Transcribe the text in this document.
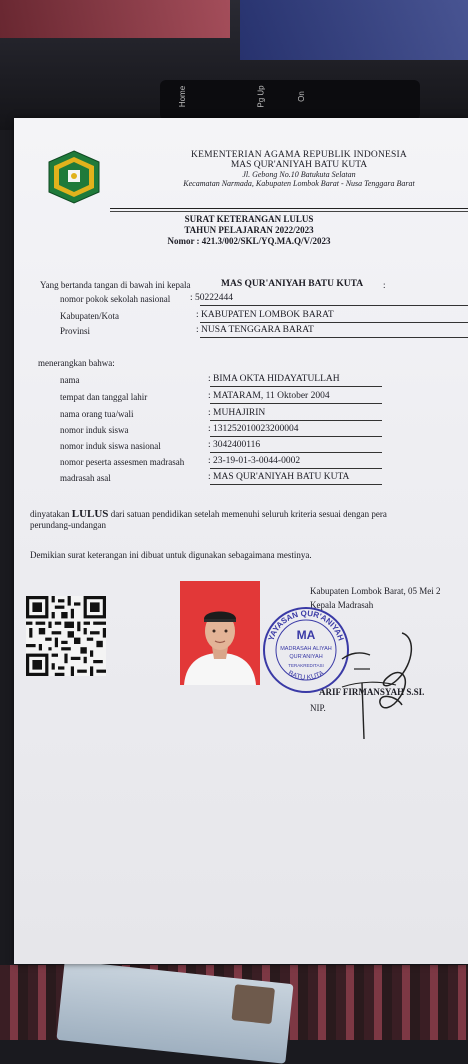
Home	Pg Up	On
KEMENTERIAN AGAMA REPUBLIK INDONESIA
MAS QUR'ANIYAH BATU KUTA
Jl. Gebong No.10 Batukuta Selatan
Kecamatan Narmada, Kabupaten Lombok Barat - Nusa Tenggara Barat
SURAT KETERANGAN LULUS
TAHUN PELAJARAN 2022/2023
Nomor : 421.3/002/SKL/YQ.MA.Q/V/2023
Yang bertanda tangan di bawah ini kepala	MAS QUR'ANIYAH BATU KUTA :
nomor pokok sekolah nasional : 50222444
Kabupaten/Kota	: KABUPATEN LOMBOK BARAT
Provinsi	: NUSA TENGGARA BARAT
menerangkan bahwa:
nama	: BIMA OKTA HIDAYATULLAH
tempat dan tanggal lahir	: MATARAM, 11 Oktober 2004
nama orang tua/wali	: MUHAJIRIN
nomor induk siswa	: 131252010023200004
nomor induk siswa nasional	: 3042400116
nomor peserta assesmen madrasah	: 23-19-01-3-0044-0002
madrasah asal	: MAS QUR'ANIYAH BATU KUTA
dinyatakan LULUS dari satuan pendidikan setelah memenuhi seluruh kriteria sesuai dengan pera
perundang-undangan
Demikian surat keterangan ini dibuat untuk digunakan sebagaimana mestinya.
Kabupaten Lombok Barat, 05 Mei 2
Kepala Madrasah
ARIF FIRMANSYAH S.SI.
NIP.
YAYASAN QUR'ANIYAH
BATU KUTA
MA
MADRASAH ALIYAH
QUR'ANIYAH
TERAKREDITASI
